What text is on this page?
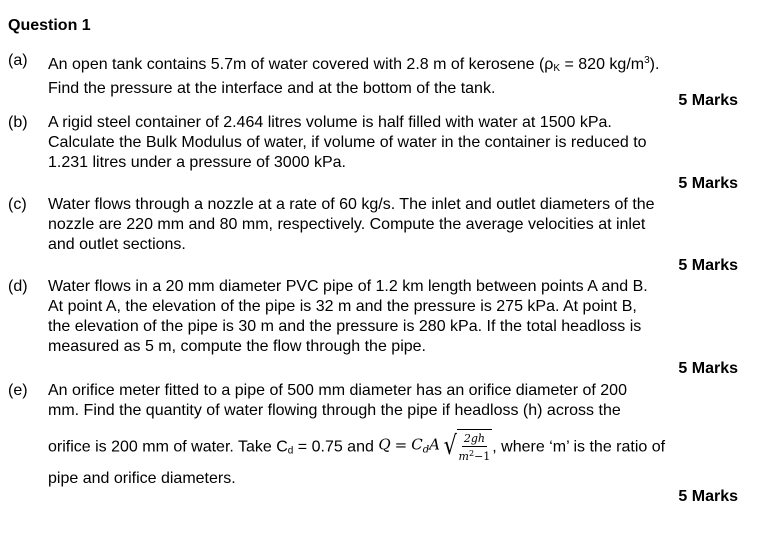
Question 1
(a)	An open tank contains 5.7m of water covered with 2.8 m of kerosene ($\rho_K = 820$ $kg/m^3$).
Find the pressure at the interface and at the bottom of the tank.
5 Marks
(b)	A rigid steel container of 2.464 litres volume is half filled with water at 1500 kPa.
Calculate the Bulk Modulus of water, if volume of water in the container is reduced to
1.231 litres under a pressure of 3000 kPa.
5 Marks
(c)	Water flows through a nozzle at a rate of 60 kg/s. The inlet and outlet diameters of the
nozzle are 220 mm and 80 mm, respectively. Compute the average velocities at inlet
and outlet sections.
5 Marks
(d)	Water flows in a 20 mm diameter PVC pipe of 1.2 km length between points A and B.
At point A, the elevation of the pipe is 32 m and the pressure is 275 kPa. At point B,
the elevation of the pipe is 30 m and the pressure is 280 kPa. If the total headloss is
measured as 5 m, compute the flow through the pipe.
5 Marks
(e)	An orifice meter fitted to a pipe of 500 mm diameter has an orifice diameter of 200
mm. Find the quantity of water flowing through the pipe if headloss (h) across the
orifice is 200 mm of water. Take $C_d = 0.75$ and $Q = C_dA$ √ $\frac{2gh}{m^2-1}$ , where ‘m’ is the ratio of
pipe and orifice diameters.
5 Marks
